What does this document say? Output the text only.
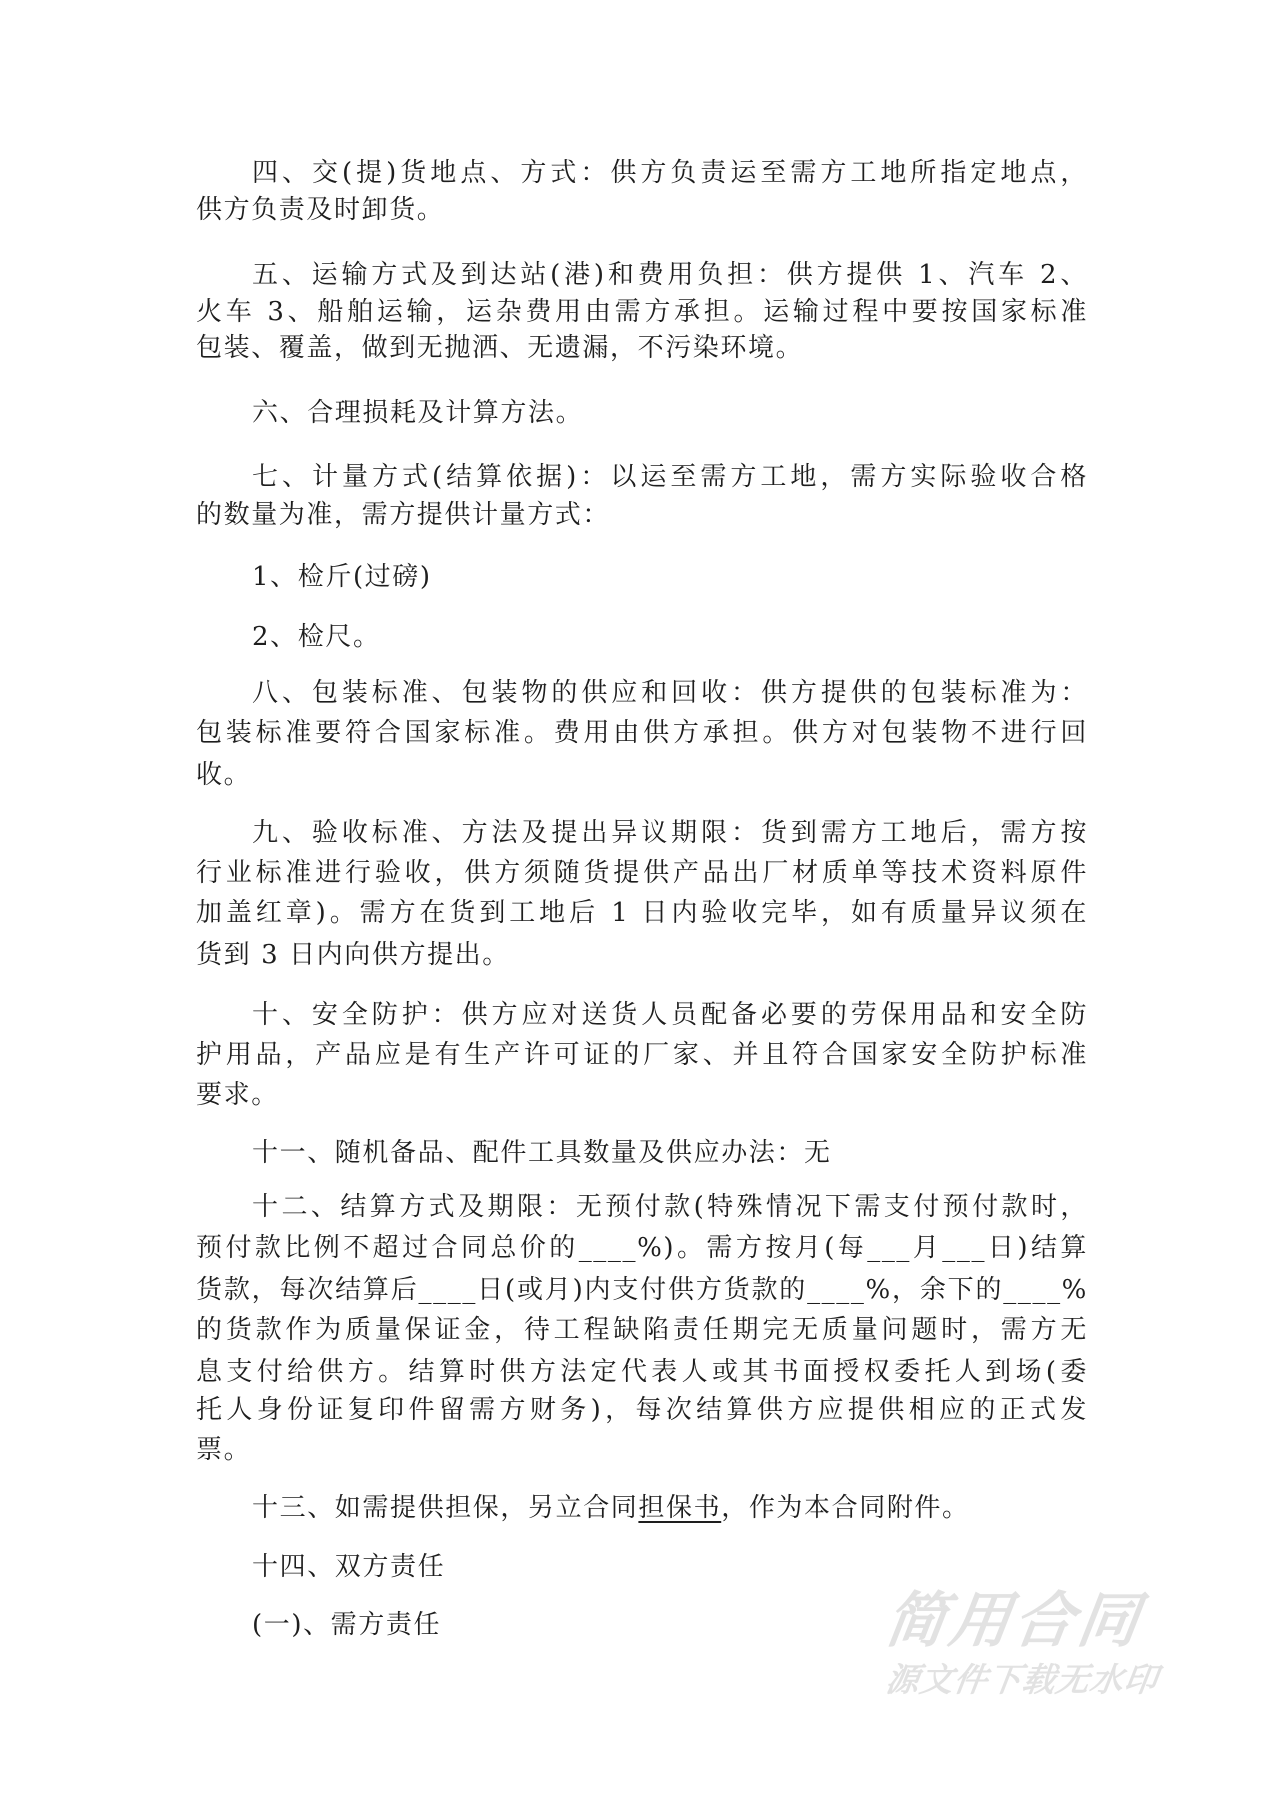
四、交(提)货地点、方式：供方负责运至需方工地所指定地点，
供方负责及时卸货。
五、运输方式及到达站(港)和费用负担：供方提供 1、汽车 2、
火车 3、船舶运输，运杂费用由需方承担。运输过程中要按国家标准
包装、覆盖，做到无抛洒、无遗漏，不污染环境。
六、合理损耗及计算方法。
七、计量方式(结算依据)：以运至需方工地，需方实际验收合格
的数量为准，需方提供计量方式：
1、检斤(过磅)
2、检尺。
八、包装标准、包装物的供应和回收：供方提供的包装标准为：
包装标准要符合国家标准。费用由供方承担。供方对包装物不进行回
收。
九、验收标准、方法及提出异议期限：货到需方工地后，需方按
行业标准进行验收，供方须随货提供产品出厂材质单等技术资料原件
加盖红章)。需方在货到工地后 1 日内验收完毕，如有质量异议须在
货到 3 日内向供方提出。
十、安全防护：供方应对送货人员配备必要的劳保用品和安全防
护用品，产品应是有生产许可证的厂家、并且符合国家安全防护标准
要求。
十一、随机备品、配件工具数量及供应办法：无
十二、结算方式及期限：无预付款(特殊情况下需支付预付款时，
预付款比例不超过合同总价的____%)。需方按月(每___月___日)结算
货款，每次结算后____日(或月)内支付供方货款的____%，余下的____%
的货款作为质量保证金，待工程缺陷责任期完无质量问题时，需方无
息支付给供方。结算时供方法定代表人或其书面授权委托人到场(委
托人身份证复印件留需方财务)，每次结算供方应提供相应的正式发
票。
十三、如需提供担保，另立合同担保书，作为本合同附件。
十四、双方责任
(一)、需方责任	简用合同
源文件下载无水印
